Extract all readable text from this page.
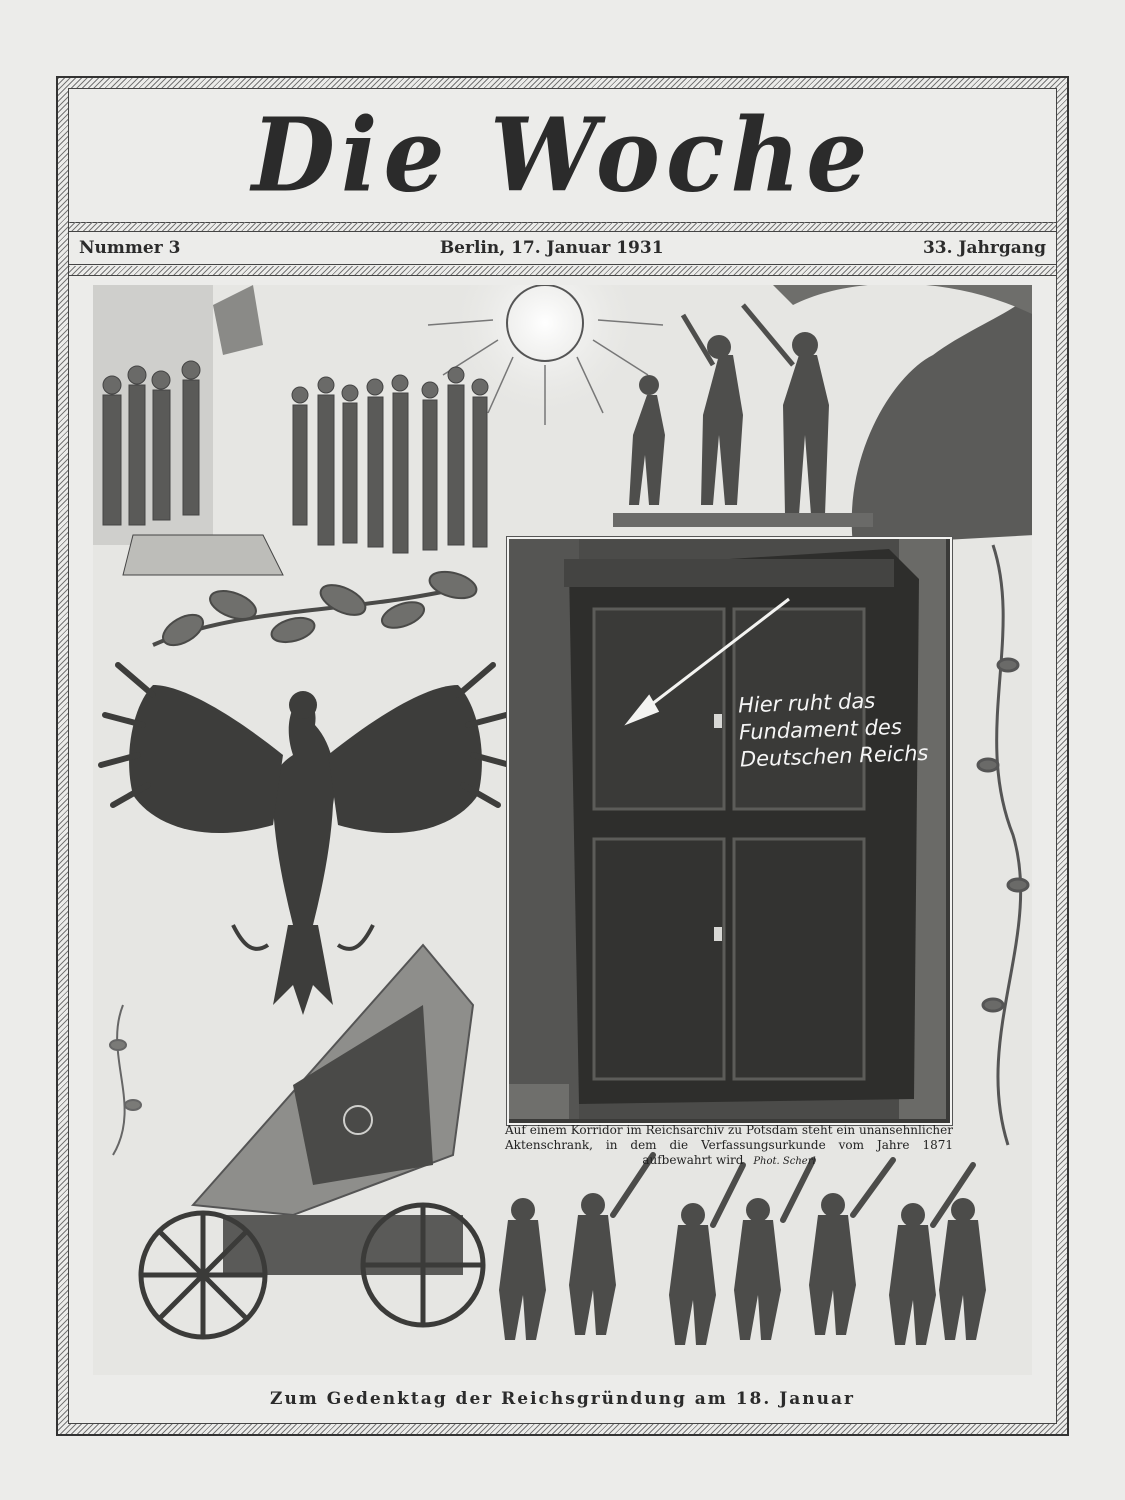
Die Woche
Nummer 3	Berlin, 17. Januar 1931	33. Jahrgang
Hier ruht das
Fundament des
Deutschen Reichs
Auf einem Korridor im Reichsarchiv zu Potsdam steht ein unansehnlicher Aktenschrank, in dem die Verfassungsurkunde vom Jahre 1871 aufbewahrt wird Phot. Scherl
Zum Gedenktag der Reichsgründung am 18. Januar
